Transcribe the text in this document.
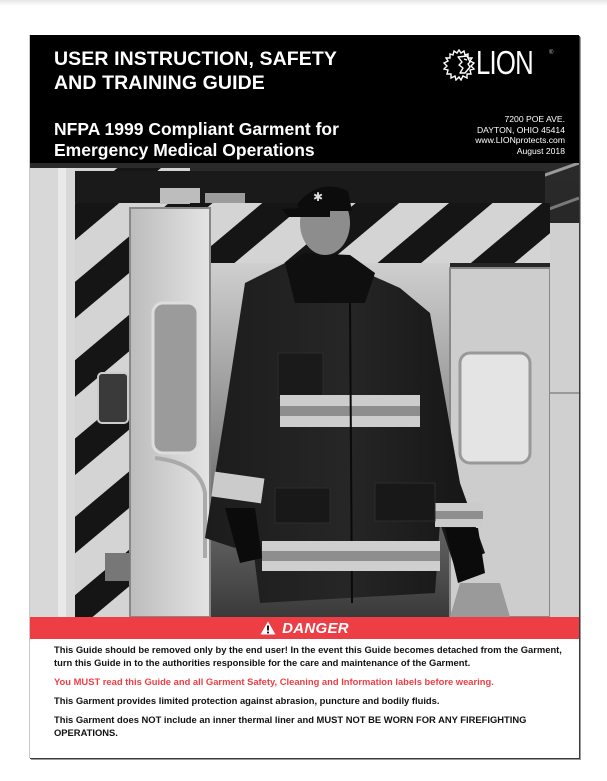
USER INSTRUCTION, SAFETY
AND TRAINING GUIDE
NFPA 1999 Compliant Garment for
Emergency Medical Operations
LION	®
7200 POE AVE.
DAYTON, OHIO 45414
www.LIONprotects.com
August 2018
✱
DANGER

This Guide should be removed only by the end user! In the event this Guide becomes detached from the Garment, turn this Guide in to the authorities responsible for the care and maintenance of the Garment.

You MUST read this Guide and all Garment Safety, Cleaning and Information labels before wearing.

This Garment provides limited protection against abrasion, puncture and bodily fluids.

This Garment does NOT include an inner thermal liner and MUST NOT BE WORN FOR ANY FIREFIGHTING OPERATIONS.
